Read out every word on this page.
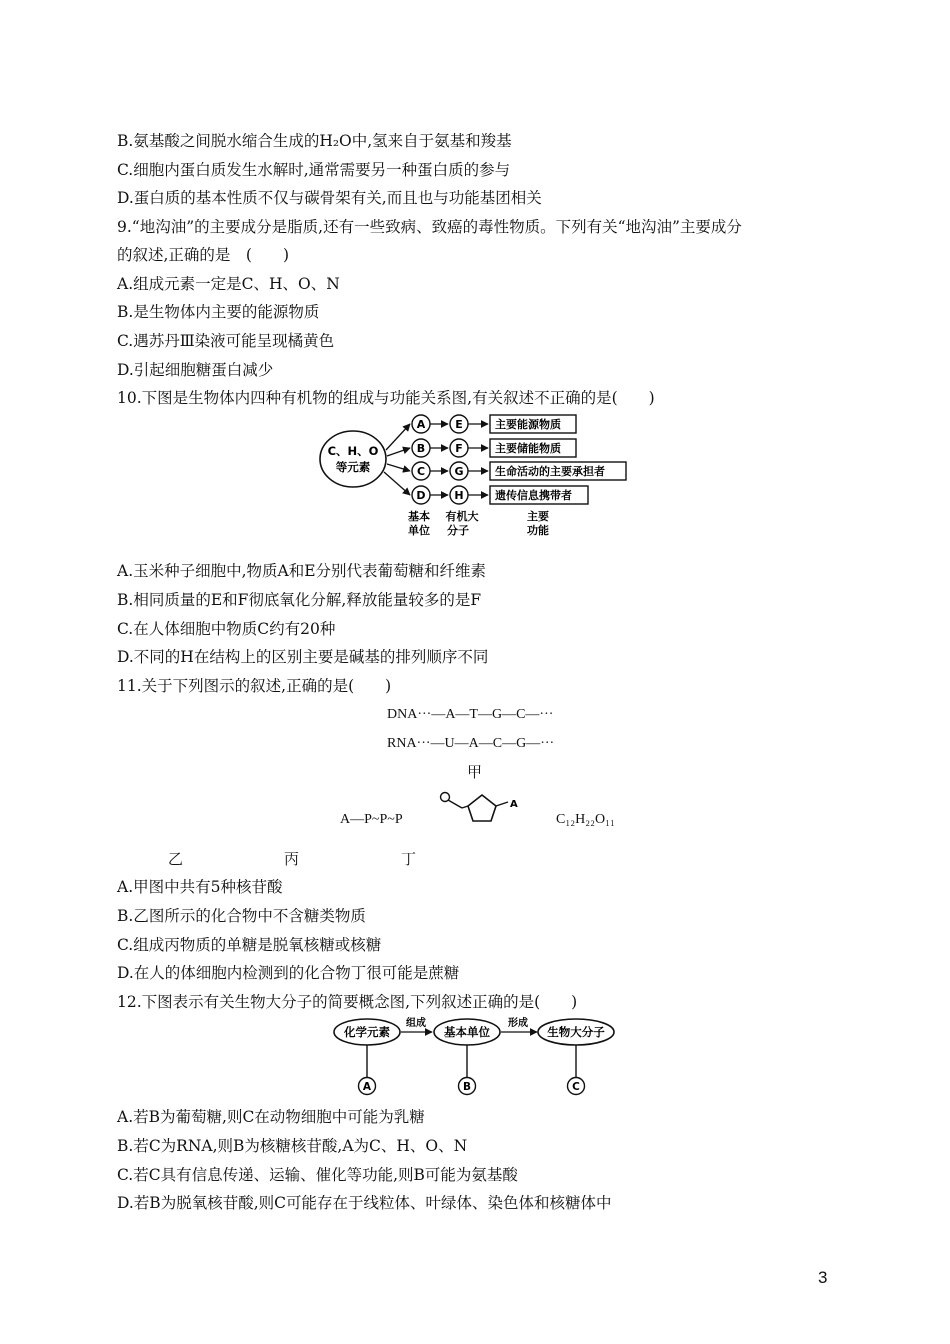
B.氨基酸之间脱水缩合生成的H₂O中,氢来自于氨基和羧基
C.细胞内蛋白质发生水解时,通常需要另一种蛋白质的参与
D.蛋白质的基本性质不仅与碳骨架有关,而且也与功能基团相关
9.“地沟油”的主要成分是脂质,还有一些致病、致癌的毒性物质。下列有关“地沟油”主要成分
的叙述,正确的是　(　　)
A.组成元素一定是C、H、O、N
B.是生物体内主要的能源物质
C.遇苏丹Ⅲ染液可能呈现橘黄色
D.引起细胞糖蛋白减少
10.下图是生物体内四种有机物的组成与功能关系图,有关叙述不正确的是(　　)
C、H、O
等元素
A	E	主要能源物质
B	F	主要储能物质
C	G	生命活动的主要承担者
D	H	遗传信息携带者
基本
单位
有机大
分子
主要
功能
A.玉米种子细胞中,物质A和E分别代表葡萄糖和纤维素
B.相同质量的E和F彻底氧化分解,释放能量较多的是F
C.在人体细胞中物质C约有20种
D.不同的H在结构上的区别主要是碱基的排列顺序不同
11.关于下列图示的叙述,正确的是(　　)
DNA···—A—T—G—C—···
RNA···—U—A—C—G—···
甲
A—P~P~P
A
C₁₂H₂₂O₁₁
乙	丙	丁
A.甲图中共有5种核苷酸
B.乙图所示的化合物中不含糖类物质
C.组成丙物质的单糖是脱氧核糖或核糖
D.在人的体细胞内检测到的化合物丁很可能是蔗糖
12.下图表示有关生物大分子的简要概念图,下列叙述正确的是(　　)
化学元素
组成
基本单位
形成
生物大分子
A	B	C
A.若B为葡萄糖,则C在动物细胞中可能为乳糖
B.若C为RNA,则B为核糖核苷酸,A为C、H、O、N
C.若C具有信息传递、运输、催化等功能,则B可能为氨基酸
D.若B为脱氧核苷酸,则C可能存在于线粒体、叶绿体、染色体和核糖体中
3
